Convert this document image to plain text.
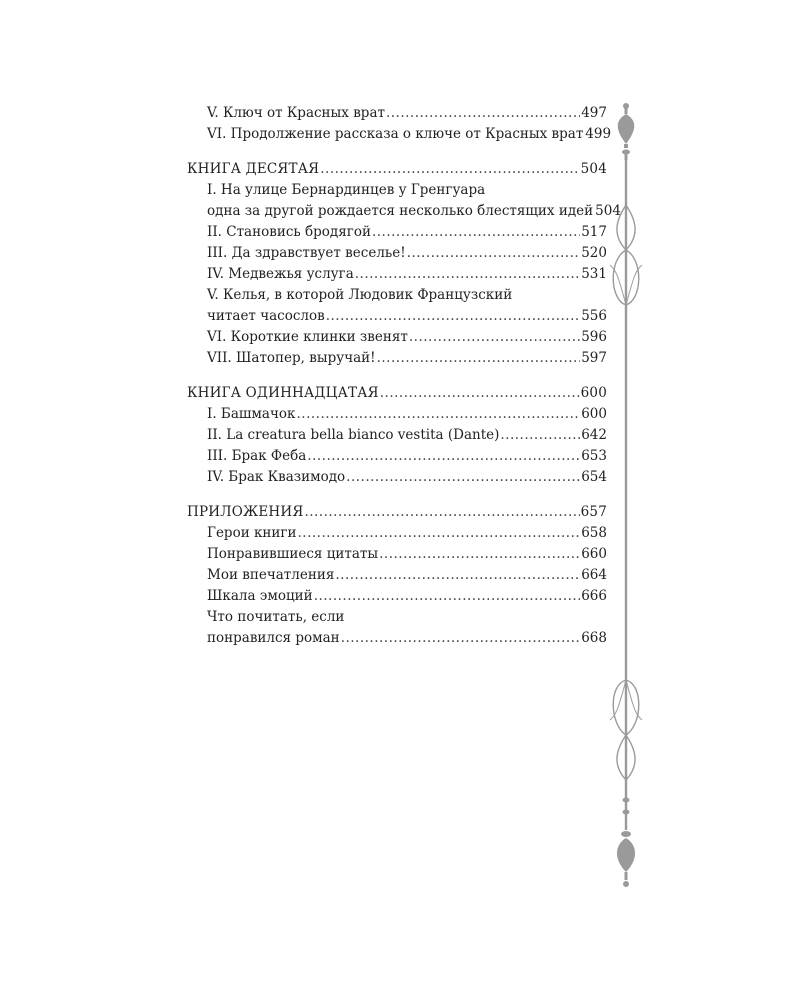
V. Ключ от Красных врат .....	497
VI. Продолжение рассказа о ключе от Красных врат 499
КНИГА ДЕСЯТАЯ .....	504
I. На улице Бернардинцев у Гренгуара
одна за другой рождается несколько блестящих идей 504
II. Становись бродягой .....	517
III. Да здравствует веселье! .....	520
IV. Медвежья услуга .....	531
V. Келья, в которой Людовик Французский
читает часослов .....	556
VI. Короткие клинки звенят .....	596
VII. Шатопер, выручай! .....	597
КНИГА ОДИННАДЦАТАЯ .....	600
I. Башмачок .....	600
II. La creatura bella bianco vestita (Dante) .....	642
III. Брак Феба .....	653
IV. Брак Квазимодо .....	654
ПРИЛОЖЕНИЯ .....	657
Герои книги .....	658
Понравившиеся цитаты .....	660
Мои впечатления .....	664
Шкала эмоций .....	666
Что почитать, если
понравился роман .....	668
